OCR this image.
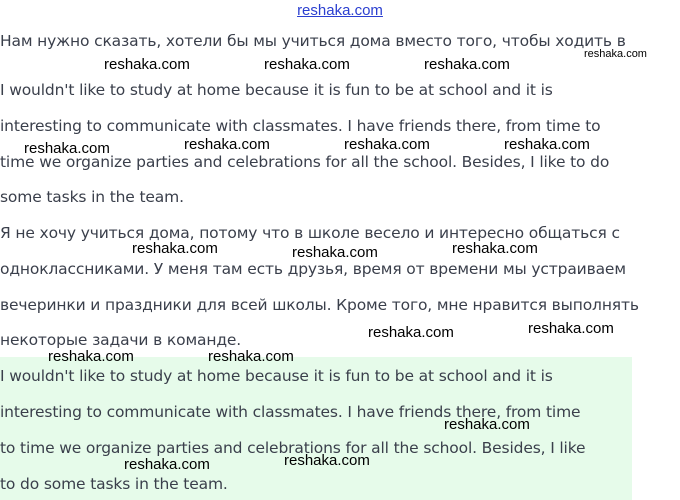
reshaka.com
Нам нужно сказать, хотели бы мы учиться дома вместо того, чтобы ходить в
I wouldn't like to study at home because it is fun to be at school and it is
interesting to communicate with classmates. I have friends there, from time to
time we organize parties and celebrations for all the school. Besides, I like to do
some tasks in the team.
Я не хочу учиться дома, потому что в школе весело и интересно общаться с
одноклассниками. У меня там есть друзья, время от времени мы устраиваем
вечеринки и праздники для всей школы. Кроме того, мне нравится выполнять
некоторые задачи в команде.
I wouldn't like to study at home because it is fun to be at school and it is
interesting to communicate with classmates. I have friends there, from time
to time we organize parties and celebrations for all the school. Besides, I like
to do some tasks in the team.
reshaka.com	reshaka.com	reshaka.com
reshaka.com
reshaka.com	reshaka.com	reshaka.com	reshaka.com
reshaka.com	reshaka.com	reshaka.com
reshaka.com	reshaka.com
reshaka.com	reshaka.com
reshaka.com
reshaka.com	reshaka.com
